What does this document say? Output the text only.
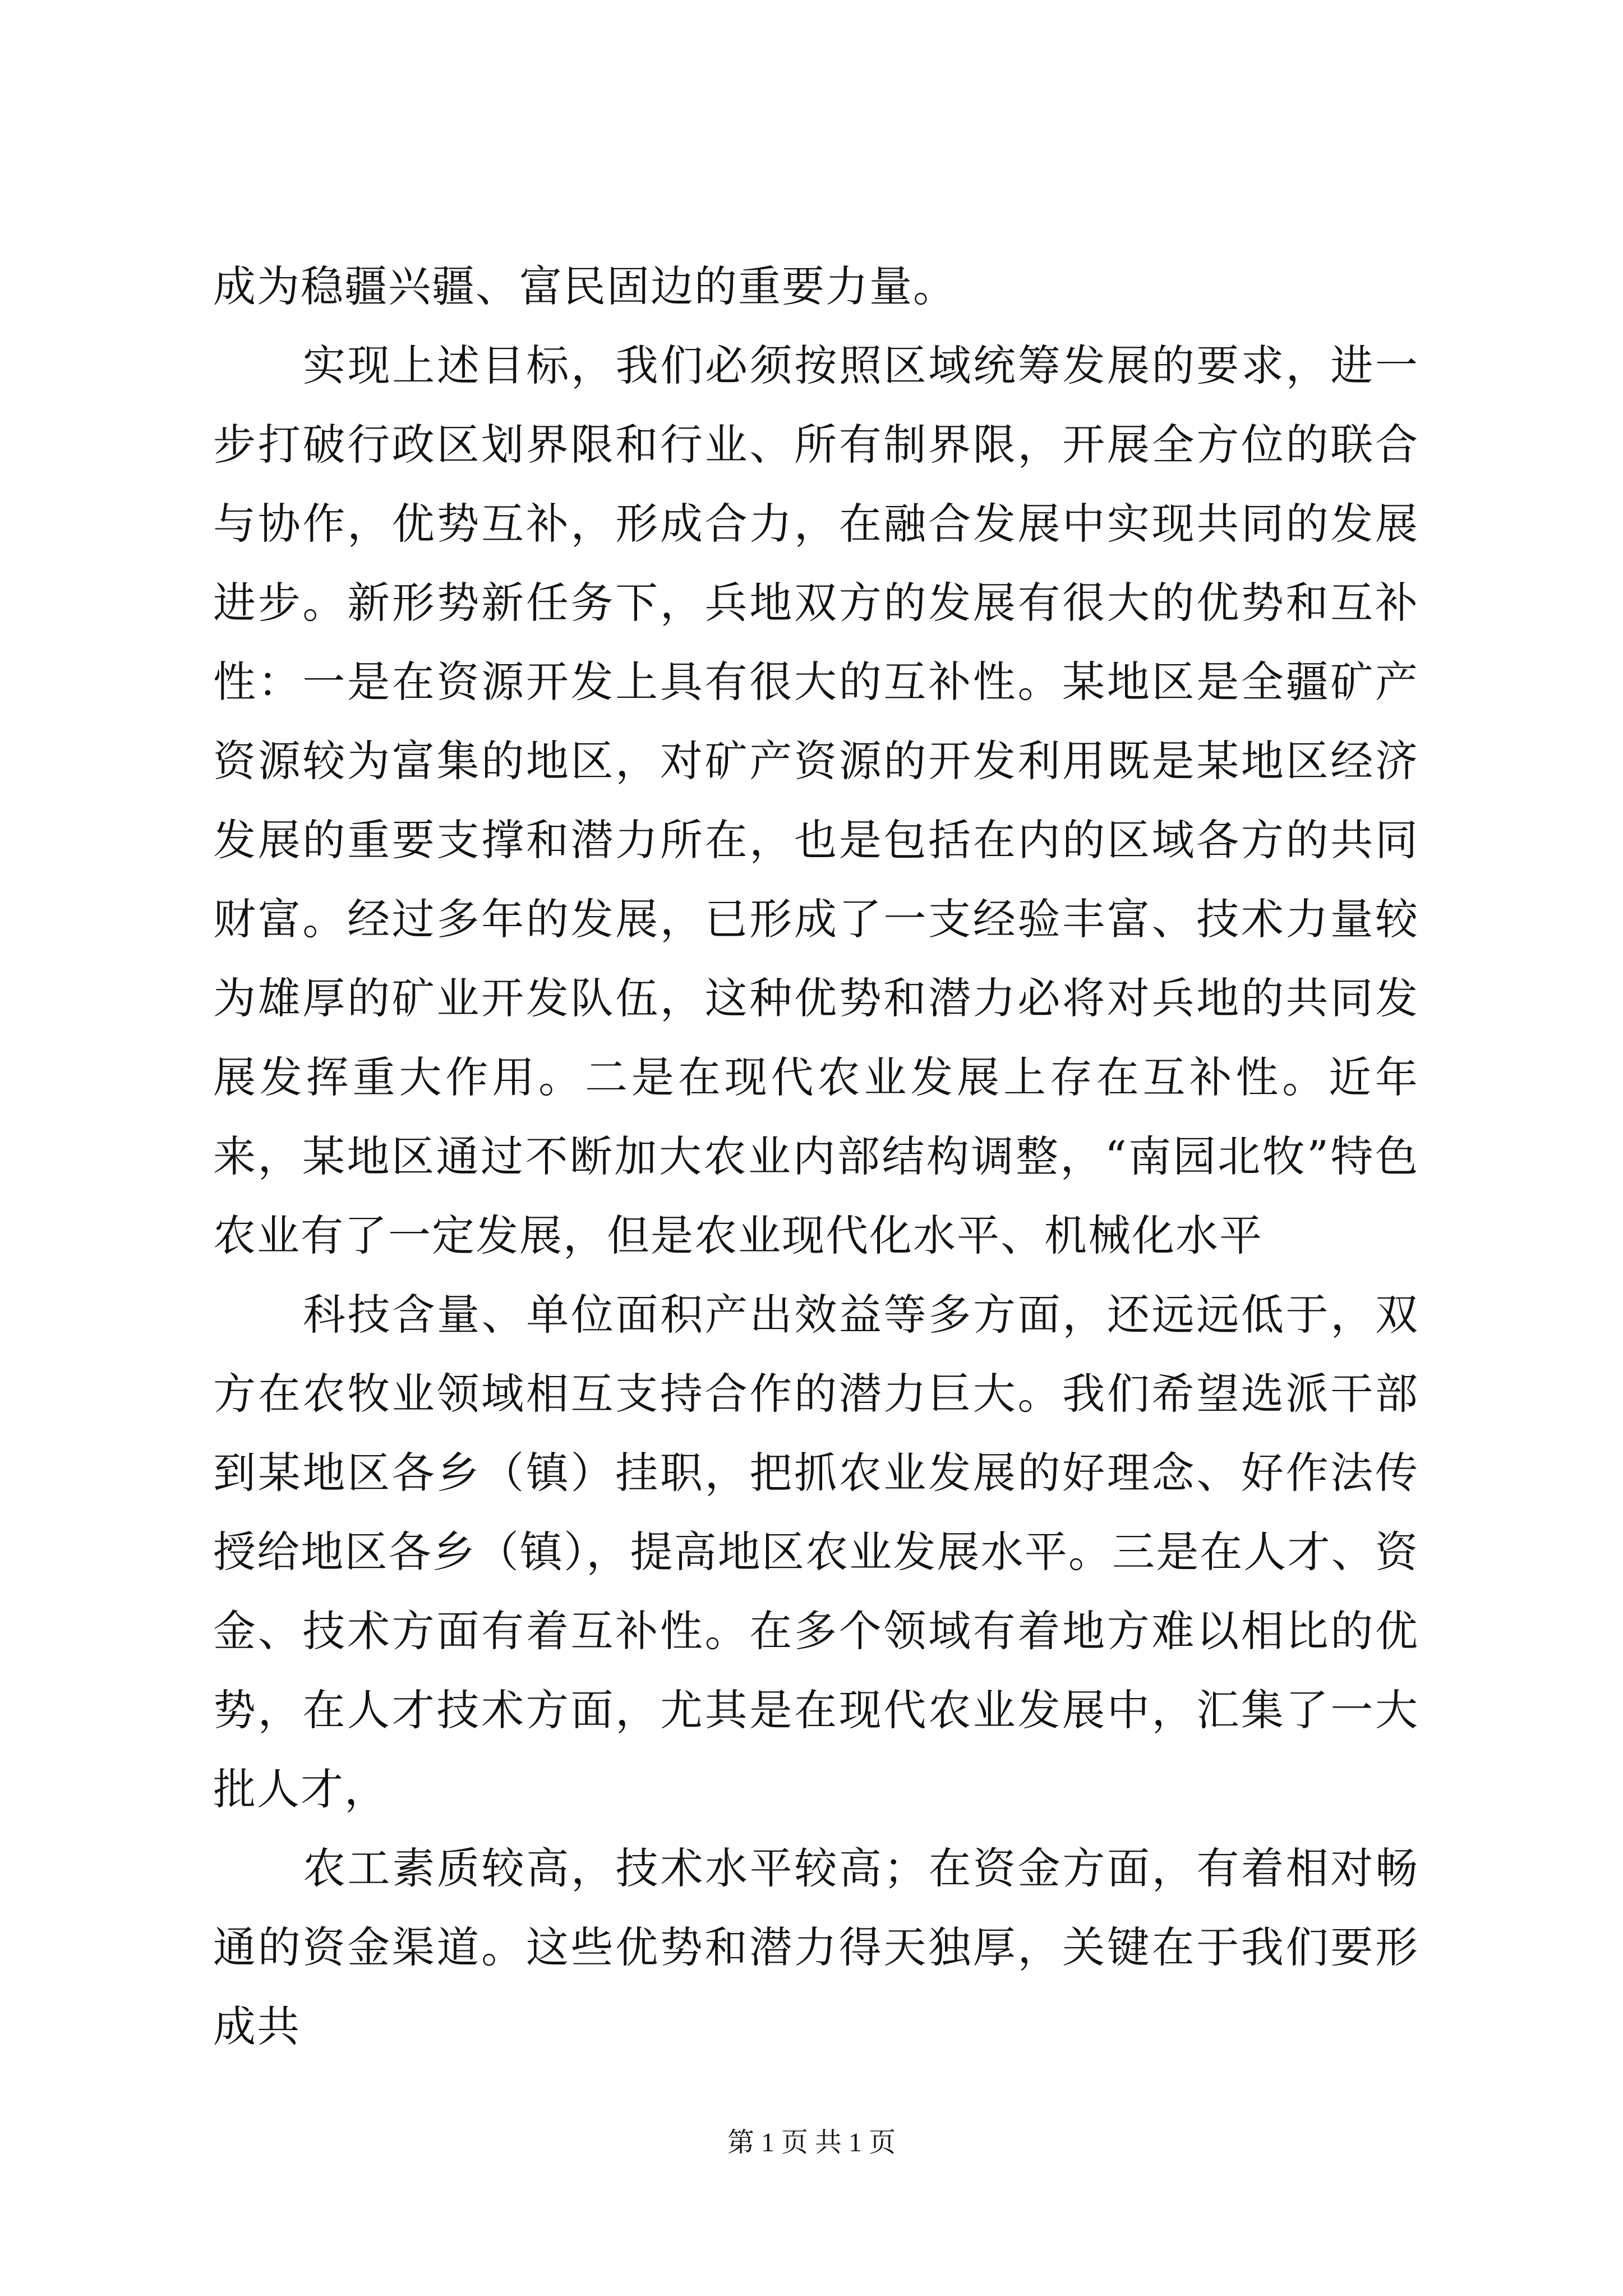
成为稳疆兴疆、富民固边的重要力量。

实现上述目标，我们必须按照区域统筹发展的要求，进一步打破行政区划界限和行业、所有制界限，开展全方位的联合与协作，优势互补，形成合力，在融合发展中实现共同的发展进步。新形势新任务下，兵地双方的发展有很大的优势和互补性：一是在资源开发上具有很大的互补性。某地区是全疆矿产资源较为富集的地区，对矿产资源的开发利用既是某地区经济发展的重要支撑和潜力所在，也是包括在内的区域各方的共同财富。经过多年的发展，已形成了一支经验丰富、技术力量较为雄厚的矿业开发队伍，这种优势和潜力必将对兵地的共同发展发挥重大作用。二是在现代农业发展上存在互补性。近年来，某地区通过不断加大农业内部结构调整，“南园北牧”特色农业有了一定发展，但是农业现代化水平、机械化水平

科技含量、单位面积产出效益等多方面，还远远低于，双方在农牧业领域相互支持合作的潜力巨大。我们希望选派干部到某地区各乡（镇）挂职，把抓农业发展的好理念、好作法传授给地区各乡（镇），提高地区农业发展水平。三是在人才、资金、技术方面有着互补性。在多个领域有着地方难以相比的优势，在人才技术方面，尤其是在现代农业发展中，汇集了一大批人才，

农工素质较高，技术水平较高；在资金方面，有着相对畅通的资金渠道。这些优势和潜力得天独厚，关键在于我们要形成共

第 1 页 共 1 页
